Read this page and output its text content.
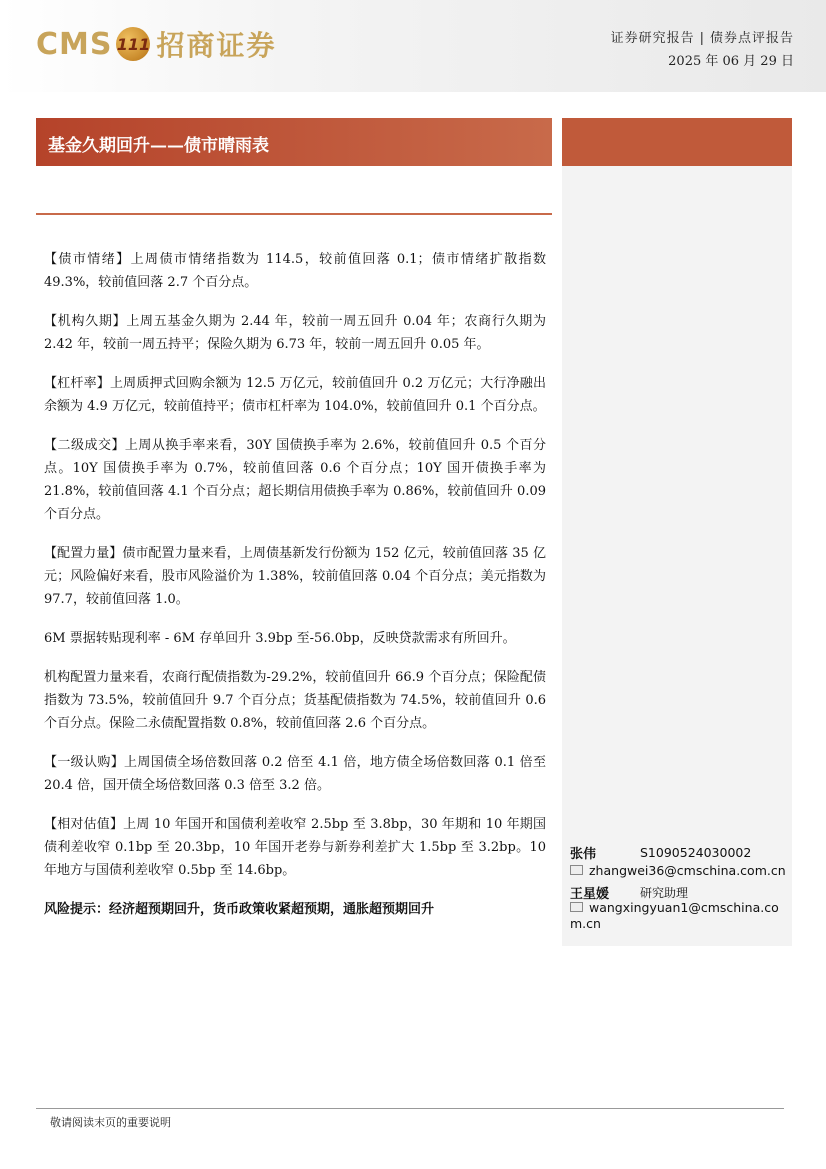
CMS 111 招商证券	证券研究报告 | 债券点评报告
2025 年 06 月 29 日
基金久期回升——债市晴雨表

【债市情绪】上周债市情绪指数为 114.5，较前值回落 0.1；债市情绪扩散指数 49.3%，较前值回落 2.7 个百分点。

【机构久期】上周五基金久期为 2.44 年，较前一周五回升 0.04 年；农商行久期为 2.42 年，较前一周五持平；保险久期为 6.73 年，较前一周五回升 0.05 年。

【杠杆率】上周质押式回购余额为 12.5 万亿元，较前值回升 0.2 万亿元；大行净融出余额为 4.9 万亿元，较前值持平；债市杠杆率为 104.0%，较前值回升 0.1 个百分点。

【二级成交】上周从换手率来看，30Y 国债换手率为 2.6%，较前值回升 0.5 个百分点。10Y 国债换手率为 0.7%，较前值回落 0.6 个百分点；10Y 国开债换手率为 21.8%，较前值回落 4.1 个百分点；超长期信用债换手率为 0.86%，较前值回升 0.09 个百分点。

【配置力量】债市配置力量来看，上周债基新发行份额为 152 亿元，较前值回落 35 亿元；风险偏好来看，股市风险溢价为 1.38%，较前值回落 0.04 个百分点；美元指数为 97.7，较前值回落 1.0。

6M 票据转贴现利率 - 6M 存单回升 3.9bp 至-56.0bp，反映贷款需求有所回升。

机构配置力量来看，农商行配债指数为-29.2%，较前值回升 66.9 个百分点；保险配债指数为 73.5%，较前值回升 9.7 个百分点；货基配债指数为 74.5%，较前值回升 0.6 个百分点。保险二永债配置指数 0.8%，较前值回落 2.6 个百分点。

【一级认购】上周国债全场倍数回落 0.2 倍至 4.1 倍，地方债全场倍数回落 0.1 倍至 20.4 倍，国开债全场倍数回落 0.3 倍至 3.2 倍。

【相对估值】上周 10 年国开和国债利差收窄 2.5bp 至 3.8bp，30 年期和 10 年期国债利差收窄 0.1bp 至 20.3bp，10 年国开老券与新券利差扩大 1.5bp 至 3.2bp。10 年地方与国债利差收窄 0.5bp 至 14.6bp。

风险提示：经济超预期回升，货币政策收紧超预期，通胀超预期回升
张伟	S1090524030002
zhangwei36@cmschina.com.cn
王星媛	研究助理
wangxingyuan1@cmschina.com.cn
敬请阅读末页的重要说明
